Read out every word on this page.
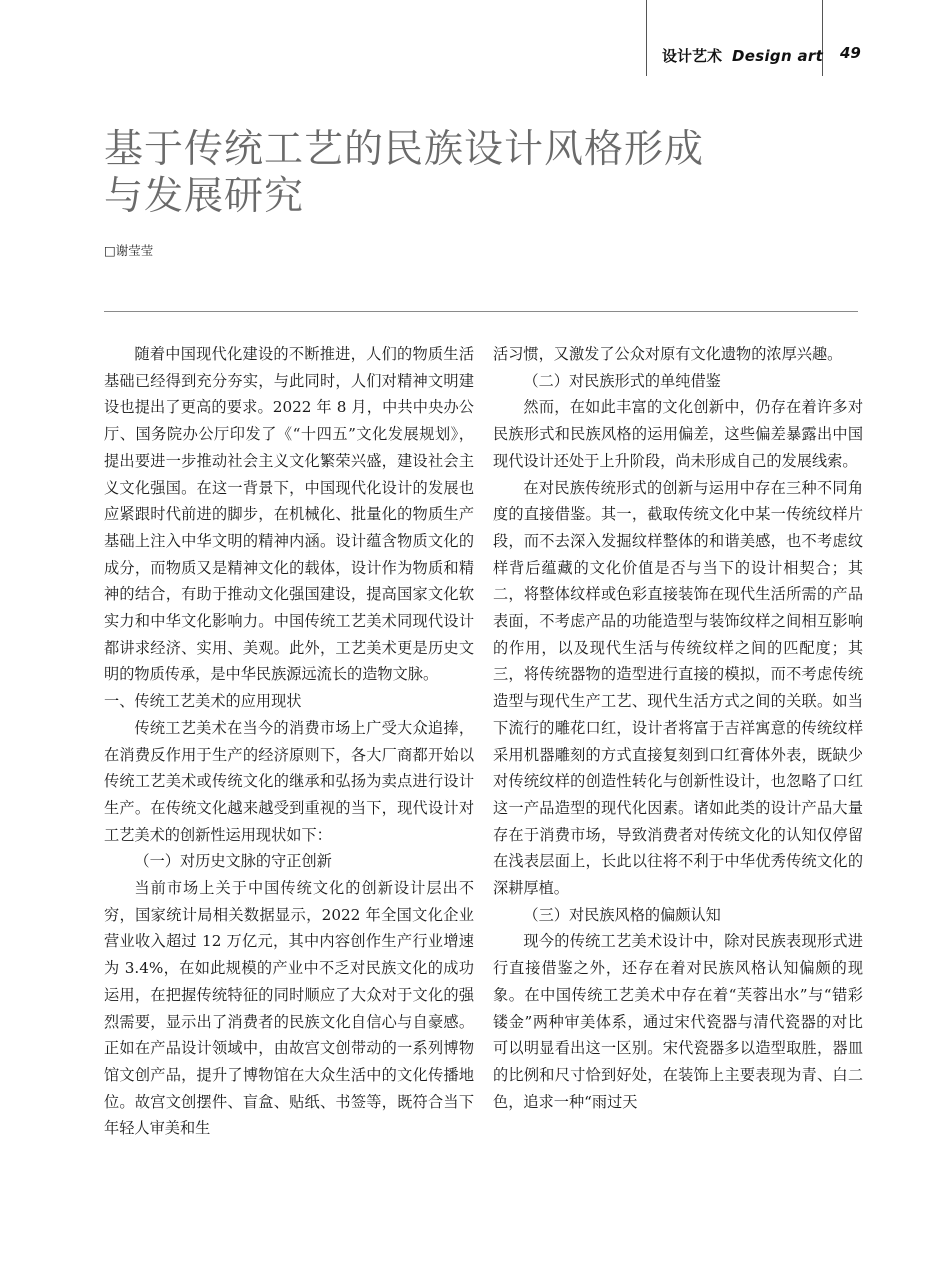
设计艺术 Design art 49
基于传统工艺的民族设计风格形成
与发展研究
□谢莹莹

随着中国现代化建设的不断推进，人们的物质生活基础已经得到充分夯实，与此同时，人们对精神文明建设也提出了更高的要求。2022 年 8 月，中共中央办公厅、国务院办公厅印发了《“十四五”文化发展规划》，提出要进一步推动社会主义文化繁荣兴盛，建设社会主义文化强国。在这一背景下，中国现代化设计的发展也应紧跟时代前进的脚步，在机械化、批量化的物质生产基础上注入中华文明的精神内涵。设计蕴含物质文化的成分，而物质又是精神文化的载体，设计作为物质和精神的结合，有助于推动文化强国建设，提高国家文化软实力和中华文化影响力。中国传统工艺美术同现代设计都讲求经济、实用、美观。此外，工艺美术更是历史文明的物质传承，是中华民族源远流长的造物文脉。

一、传统工艺美术的应用现状

传统工艺美术在当今的消费市场上广受大众追捧，在消费反作用于生产的经济原则下，各大厂商都开始以传统工艺美术或传统文化的继承和弘扬为卖点进行设计生产。在传统文化越来越受到重视的当下，现代设计对工艺美术的创新性运用现状如下：

（一）对历史文脉的守正创新

当前市场上关于中国传统文化的创新设计层出不穷，国家统计局相关数据显示，2022 年全国文化企业营业收入超过 12 万亿元，其中内容创作生产行业增速为 3.4%，在如此规模的产业中不乏对民族文化的成功运用，在把握传统特征的同时顺应了大众对于文化的强烈需要，显示出了消费者的民族文化自信心与自豪感。正如在产品设计领域中，由故宫文创带动的一系列博物馆文创产品，提升了博物馆在大众生活中的文化传播地位。故宫文创摆件、盲盒、贴纸、书签等，既符合当下年轻人审美和生

活习惯，又激发了公众对原有文化遗物的浓厚兴趣。

（二）对民族形式的单纯借鉴

然而，在如此丰富的文化创新中，仍存在着许多对民族形式和民族风格的运用偏差，这些偏差暴露出中国现代设计还处于上升阶段，尚未形成自己的发展线索。

在对民族传统形式的创新与运用中存在三种不同角度的直接借鉴。其一，截取传统文化中某一传统纹样片段，而不去深入发掘纹样整体的和谐美感，也不考虑纹样背后蕴藏的文化价值是否与当下的设计相契合；其二，将整体纹样或色彩直接装饰在现代生活所需的产品表面，不考虑产品的功能造型与装饰纹样之间相互影响的作用，以及现代生活与传统纹样之间的匹配度；其三，将传统器物的造型进行直接的模拟，而不考虑传统造型与现代生产工艺、现代生活方式之间的关联。如当下流行的雕花口红，设计者将富于吉祥寓意的传统纹样采用机器雕刻的方式直接复刻到口红膏体外表，既缺少对传统纹样的创造性转化与创新性设计，也忽略了口红这一产品造型的现代化因素。诸如此类的设计产品大量存在于消费市场，导致消费者对传统文化的认知仅停留在浅表层面上，长此以往将不利于中华优秀传统文化的深耕厚植。

（三）对民族风格的偏颇认知

现今的传统工艺美术设计中，除对民族表现形式进行直接借鉴之外，还存在着对民族风格认知偏颇的现象。在中国传统工艺美术中存在着“芙蓉出水”与“错彩镂金”两种审美体系，通过宋代瓷器与清代瓷器的对比可以明显看出这一区别。宋代瓷器多以造型取胜，器皿的比例和尺寸恰到好处，在装饰上主要表现为青、白二色，追求一种“雨过天
